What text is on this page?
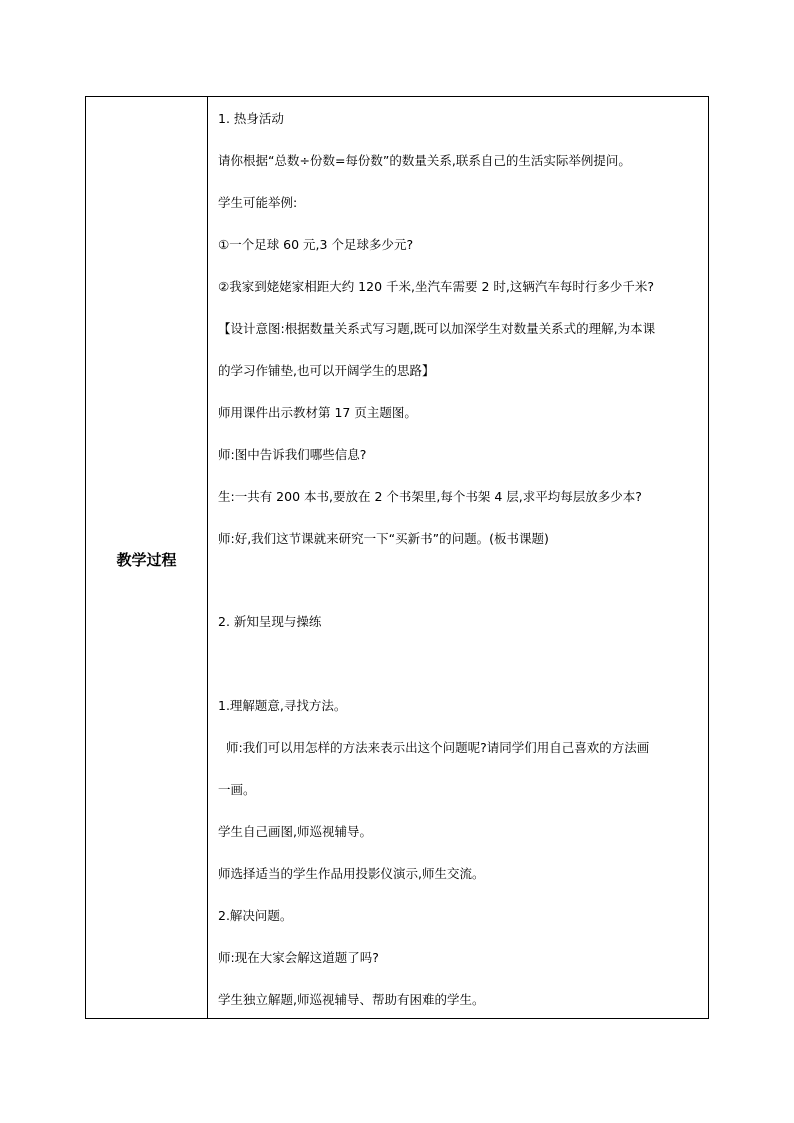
教学过程	
1. 热身活动
请你根据“总数÷份数=每份数”的数量关系,联系自己的生活实际举例提问。
学生可能举例:
①一个足球 60 元,3 个足球多少元?
②我家到姥姥家相距大约 120 千米,坐汽车需要 2 时,这辆汽车每时行多少千米?
【设计意图:根据数量关系式写习题,既可以加深学生对数量关系式的理解,为本课
的学习作铺垫,也可以开阔学生的思路】
师用课件出示教材第 17 页主题图。
师:图中告诉我们哪些信息?
生:一共有 200 本书,要放在 2 个书架里,每个书架 4 层,求平均每层放多少本?
师:好,我们这节课就来研究一下“买新书”的问题。(板书课题)
2. 新知呈现与操练
1.理解题意,寻找方法。
师:我们可以用怎样的方法来表示出这个问题呢?请同学们用自己喜欢的方法画
一画。
学生自己画图,师巡视辅导。
师选择适当的学生作品用投影仪演示,师生交流。
2.解决问题。
师:现在大家会解这道题了吗?
学生独立解题,师巡视辅导、帮助有困难的学生。
